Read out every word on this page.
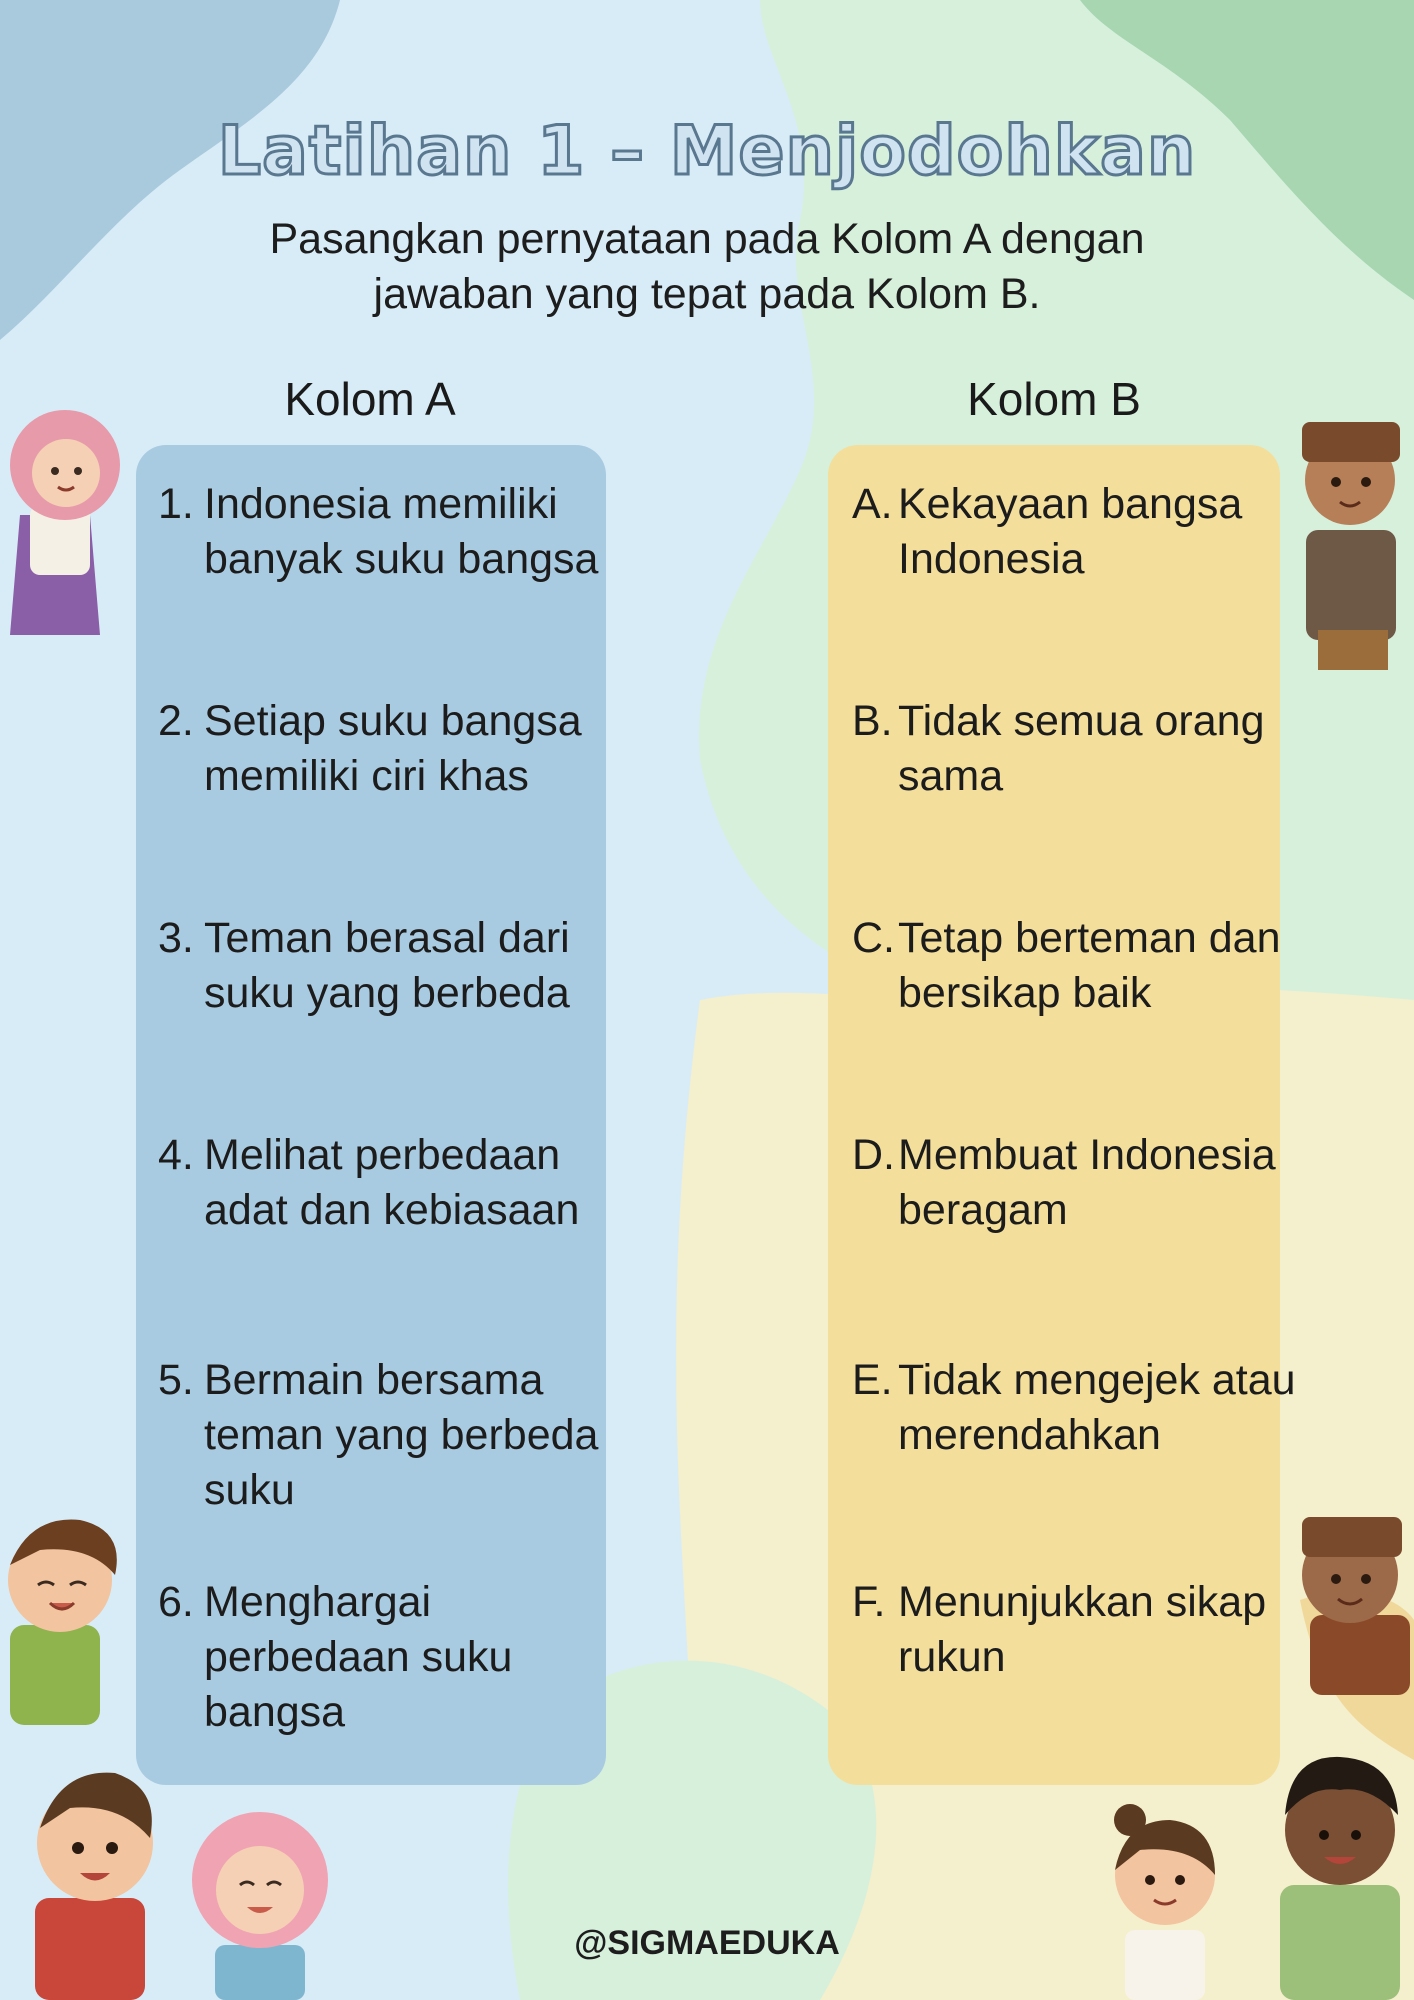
Latihan 1 – Menjodohkan
Pasangkan pernyataan pada Kolom A dengan jawaban yang tepat pada Kolom B.
Kolom A	Kolom B
1. Indonesia memiliki banyak suku bangsa
2. Setiap suku bangsa memiliki ciri khas
3. Teman berasal dari suku yang berbeda
4. Melihat perbedaan adat dan kebiasaan
5. Bermain bersama teman yang berbeda suku
6. Menghargai perbedaan suku bangsa
A. Kekayaan bangsa Indonesia
B. Tidak semua orang sama
C.Tetap berteman dan bersikap baik
D.Membuat Indonesia beragam
E. Tidak mengejek atau merendahkan
F. Menunjukkan sikap rukun
@SIGMAEDUKA
